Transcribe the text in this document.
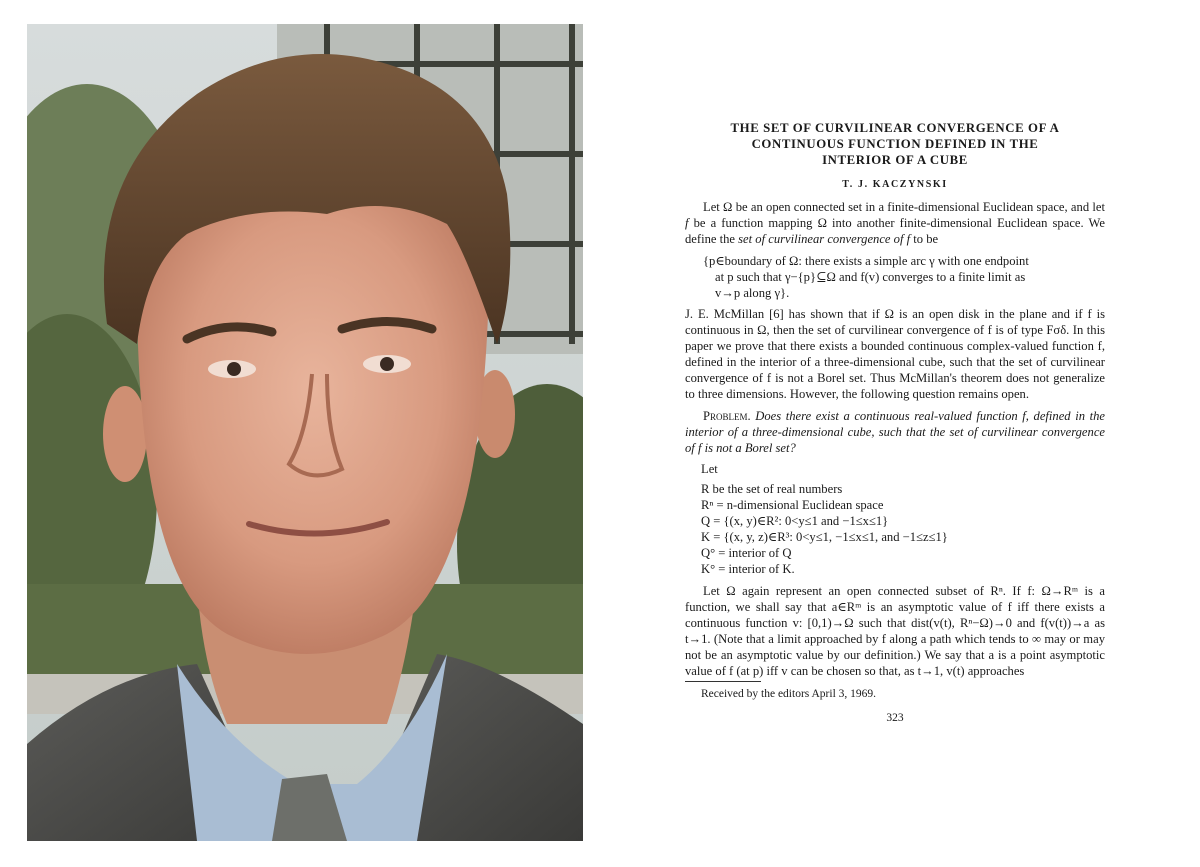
THE SET OF CURVILINEAR CONVERGENCE OF A
CONTINUOUS FUNCTION DEFINED IN THE
INTERIOR OF A CUBE
T. J. KACZYNSKI

Let Ω be an open connected set in a finite-dimensional Euclidean space, and let f be a function mapping Ω into another finite-dimensional Euclidean space. We define the set of curvilinear convergence of f to be

{p∈boundary of Ω: there exists a simple arc γ with one endpoint
at p such that γ−{p}⊆Ω and f(v) converges to a finite limit as
v→p along γ}.

J. E. McMillan [6] has shown that if Ω is an open disk in the plane and if f is continuous in Ω, then the set of curvilinear convergence of f is of type Fσδ. In this paper we prove that there exists a bounded continuous complex-valued function f, defined in the interior of a three-dimensional cube, such that the set of curvilinear convergence of f is not a Borel set. Thus McMillan's theorem does not generalize to three dimensions. However, the following question remains open.

Problem. Does there exist a continuous real-valued function f, defined in the interior of a three-dimensional cube, such that the set of curvilinear convergence of f is not a Borel set?

Let
R be the set of real numbers
Rⁿ = n-dimensional Euclidean space
Q = {(x, y)∈R²: 0<y≤1 and −1≤x≤1}
K = {(x, y, z)∈R³: 0<y≤1, −1≤x≤1, and −1≤z≤1}
Q° = interior of Q
K° = interior of K.

Let Ω again represent an open connected subset of Rⁿ. If f: Ω→Rᵐ is a function, we shall say that a∈Rᵐ is an asymptotic value of f iff there exists a continuous function v: [0,1)→Ω such that dist(v(t), Rⁿ−Ω)→0 and f(v(t))→a as t→1. (Note that a limit approached by f along a path which tends to ∞ may or may not be an asymptotic value by our definition.) We say that a is a point asymptotic value of f (at p) iff v can be chosen so that, as t→1, v(t) approaches

Received by the editors April 3, 1969.
323
